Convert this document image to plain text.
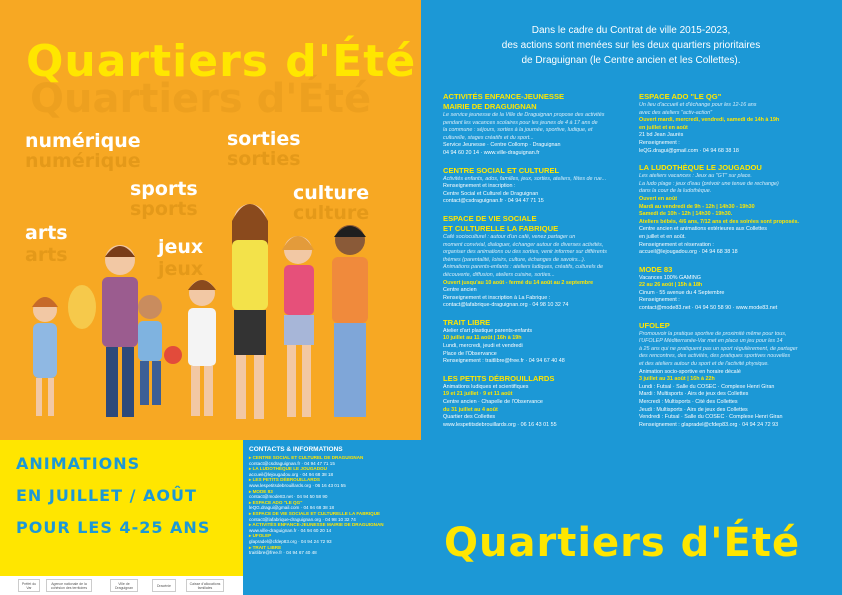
Quartiers d'Été
Quartiers d'Été
numérique
numérique
sorties
sorties
sports
sports
culture
culture
arts
arts
jeux
jeux
ANIMATIONS
EN JUILLET / AOÛT
POUR LES 4-25 ANS
CONTACTS & INFORMATIONS
▸ CENTRE SOCIAL ET CULTUREL DE DRAGUIGNAN
contact@csdraguignan.fr · 04 94 47 71 15
▸ LA LUDOTHÈQUE LE JOUGADOU
accueil@lejougadou.org · 04 94 68 38 18
▸ LES PETITS DÉBROUILLARDS
www.lespetitsdebrouillards.org · 06 16 43 01 55
▸ MODE 83
contact@mode83.net · 04 94 50 58 90
▸ ESPACE ADO "LE QG"
leQG.dragui@gmail.com · 04 94 68 38 18
▸ ESPACE DE VIE SOCIALE ET CULTURELLE LA FABRIQUE
contact@lafabrique-draguignan.org · 04 98 10 32 74
▸ ACTIVITÉS ENFANCE-JEUNESSE MAIRIE DE DRAGUIGNAN
www.ville-draguignan.fr · 04 94 60 20 14
▸ UFOLEP
glapradel@cfdep83.org · 04 94 24 72 93
▸ TRAIT LIBRE
traitlibre@free.fr · 04 94 67 40 48
Préfet du Var
Agence nationale de la cohésion des territoires
Ville de Draguignan	Dracénie	Caisse d'allocations familiales
Dans le cadre du Contrat de ville 2015-2023,
des actions sont menées sur les deux quartiers prioritaires
de Draguignan (le Centre ancien et les Collettes).
ACTIVITÉS ENFANCE-JEUNESSE
MAIRIE DE DRAGUIGNAN
Le service jeunesse de la Ville de Draguignan propose des activités
pendant les vacances scolaires pour les jeunes de 4 à 17 ans de
la commune : séjours, sorties à la journée, sportive, ludique, et
culturelle, stages créatifs et du sport...
Service Jeunesse · Centre Collomp · Draguignan
04 94 60 20 14 · www.ville-draguignan.fr
CENTRE SOCIAL ET CULTUREL
Activités enfants, ados, familles, jeux, sorties, ateliers, fêtes de rue...
Renseignement et inscription :
Centre Social et Culturel de Draguignan
contact@csdraguignan.fr · 04 94 47 71 15
ESPACE DE VIE SOCIALE
ET CULTURELLE LA FABRIQUE
Café socioculturel : autour d'un café, venez partager un
moment convivial, dialoguer, échanger autour de diverses activités,
organiser des animations ou des sorties, venir informer sur différents
thèmes (parentalité, loisirs, culture, échanges de savoirs...).
Animations parents-enfants : ateliers ludiques, créatifs, culturels de
découverte, diffusion, ateliers cuisine, sorties...
Ouvert jusqu'au 10 août - fermé du 14 août au 2 septembre
Centre ancien
Renseignement et inscription à La Fabrique :
contact@lafabrique-draguignan.org · 04 98 10 32 74
TRAIT LIBRE
Atelier d'art plastique parents-enfants
10 juillet au 11 août | 16h à 19h
Lundi, mercredi, jeudi et vendredi
Place de l'Observance
Renseignement : traitlibre@free.fr · 04 94 67 40 48
LES PETITS DÉBROUILLARDS
Animations ludiques et scientifiques
19 et 21 juillet · 9 et 11 août
Centre ancien · Chapelle de l'Observance
du 31 juillet au 4 août
Quartier des Collettes
www.lespetitsdebrouillards.org · 06 16 43 01 55
ESPACE ADO "LE QG"
Un lieu d'accueil et d'échange pour les 12-16 ans
avec des ateliers "activ-action"
Ouvert mardi, mercredi, vendredi, samedi de 14h à 19h
en juillet et en août
21 bd Jean Jaurès
Renseignement :
leQG.dragui@gmail.com · 04 94 68 38 18
LA LUDOTHÈQUE LE JOUGADOU
Les ateliers vacances : Jeux au "GT" sur place.
La ludo plage : jeux d'eau (prévoir une tenue de rechange)
dans la cour de la ludothèque.
Ouvert en août
Mardi au vendredi de 9h - 12h | 14h30 - 19h30
Samedi de 10h - 12h | 14h30 - 19h30.
Ateliers bébés, 4/6 ans, 7/12 ans et des soirées sont proposés.
Centre ancien et animations extérieures aux Collettes
en juillet et en août.
Renseignement et réservation :
accueil@lejougadou.org · 04 94 68 38 18
MODE 83
Vacances 100% GAMING
22 au 26 août | 15h à 18h
Cinum · 55 avenue du 4 Septembre
Renseignement :
contact@mode83.net · 04 94 50 58 90 · www.mode83.net
UFOLEP
Promouvoir la pratique sportive de proximité même pour tous,
l'UFOLEP Méditerranée-Var met en place un jeu pour les 14
à 25 ans qui ne pratiquent pas un sport régulièrement, de partager
des rencontres, des activités, des pratiques sportives nouvelles
et des ateliers autour du sport et de l'activité physique.
Animation socio-sportive en horaire décalé
3 juillet au 31 août | 16h à 22h
Lundi : Futsal · Salle du COSEC · Complexe Henri Giran
Mardi : Multisports · Airs de jeux des Collettes
Mercredi : Multisports · Cité des Collettes
Jeudi : Multisports · Airs de jeux des Collettes
Vendredi : Futsal · Salle du COSEC · Complexe Henri Giran
Renseignement : glapradel@cfdep83.org · 04 94 24 72 93
Quartiers d'Été
